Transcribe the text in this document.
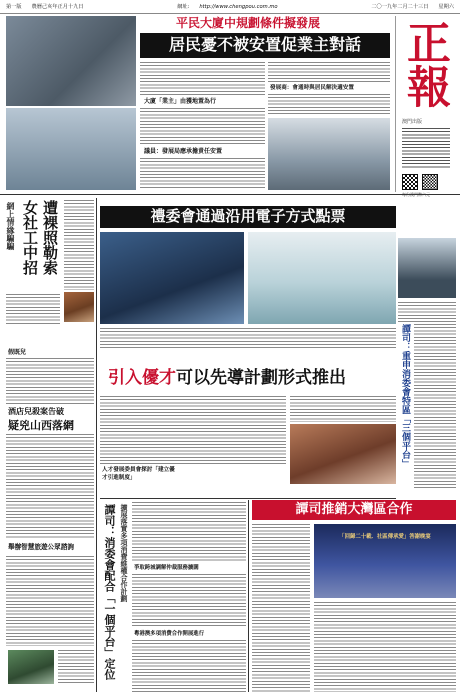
第一版 農曆己亥年正月十九日	網址: http://www.chengpou.com.mo	二〇一九年二月二十三日 星期六
平民大廈中規劃條件擬發展
居民憂不被安置促業主對話
大廈「業主」由獲地置為行
議員：發展局應承擔責任安置
發展商：會通時與居民解決適安置 正報
澳門出版
網上情緣騙騙 女社工中招 遭裸照勒索
假既兒
酒店兒殺案告破
疑兇山西落網
舉辦智慧旅遊公眾諮詢
禮委會通過沿用電子方式點票
引入優才可以先導計劃形式推出
人才發展委員會探討「建立優
才引進制度」
譚司：消委會配合「一個平台」定位 擴展落實多項消費維權合作計劃 爭取跨城調解仲裁服務擴闊
粵港澳多項消費合作開展進行
譚司：重申消委會特區「三個平台」
譚司推銷大灣區合作
「回歸二十載．社區傳承愛」答謝晚宴
